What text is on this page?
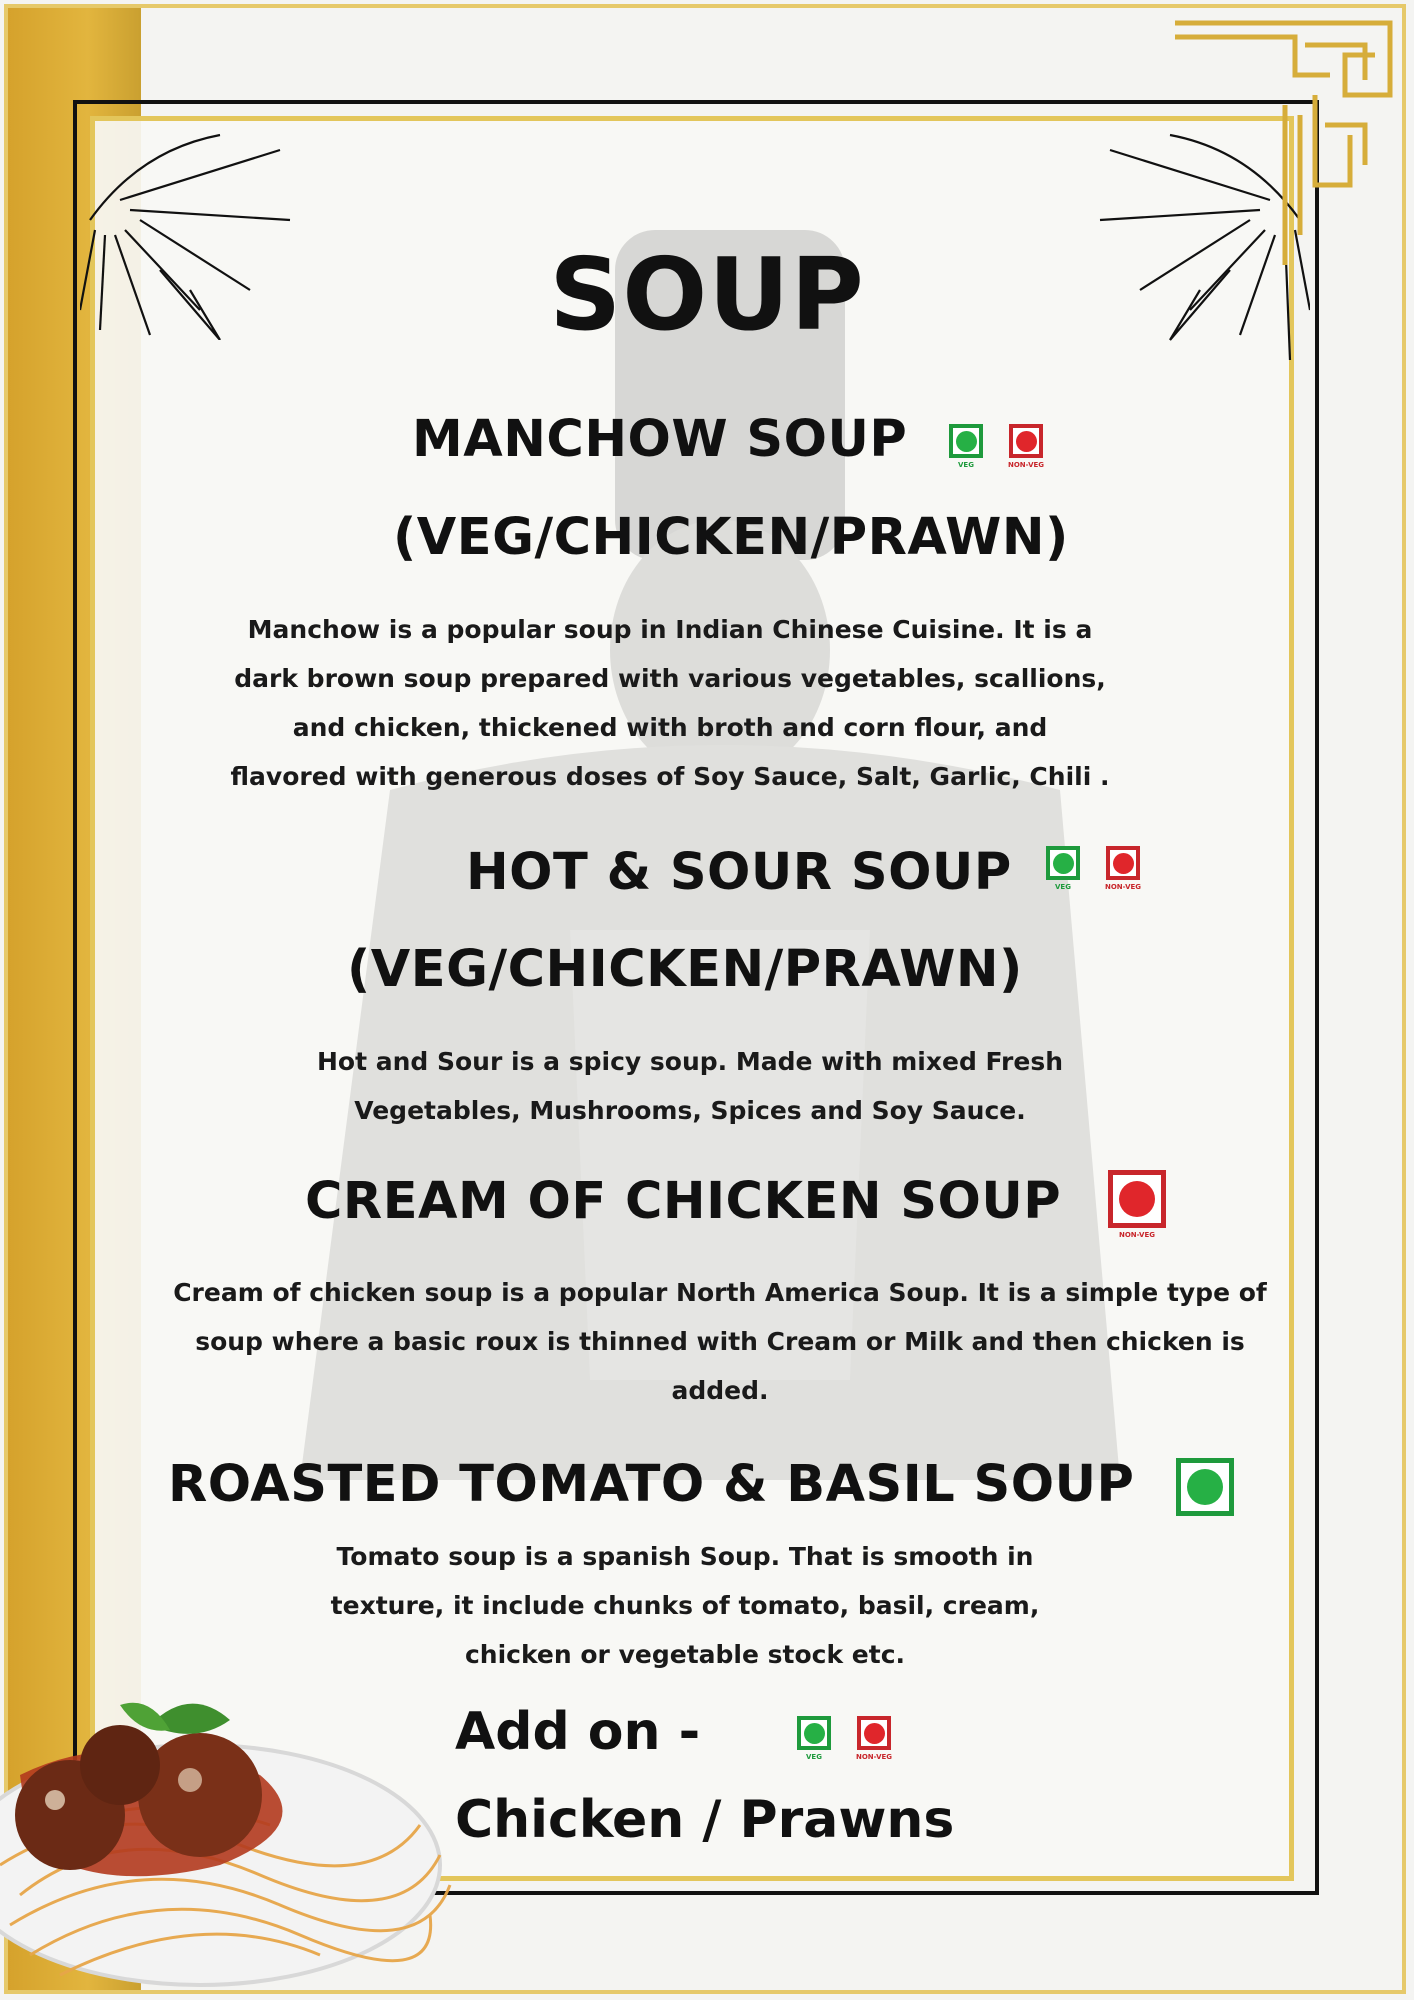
SOUP
MANCHOW SOUP	VEG	NON-VEG
(VEG/CHICKEN/PRAWN)
Manchow is a popular soup in Indian Chinese Cuisine. It is a
dark brown soup prepared with various vegetables, scallions,
and chicken, thickened with broth and corn flour, and
flavored with generous doses of Soy Sauce, Salt, Garlic, Chili .
HOT & SOUR SOUP	VEG	NON-VEG
(VEG/CHICKEN/PRAWN)
Hot and Sour is a spicy soup. Made with mixed Fresh
Vegetables, Mushrooms, Spices and Soy Sauce.
CREAM OF CHICKEN SOUP
NON-VEG
Cream of chicken soup is a popular North America Soup. It is a simple type of
soup where a basic roux is thinned with Cream or Milk and then chicken is
added.
ROASTED TOMATO & BASIL SOUP
Tomato soup is a spanish Soup. That is smooth in
texture, it include chunks of tomato, basil, cream,
chicken or vegetable stock etc.
Add on -	VEG	NON-VEG
Chicken / Prawns
